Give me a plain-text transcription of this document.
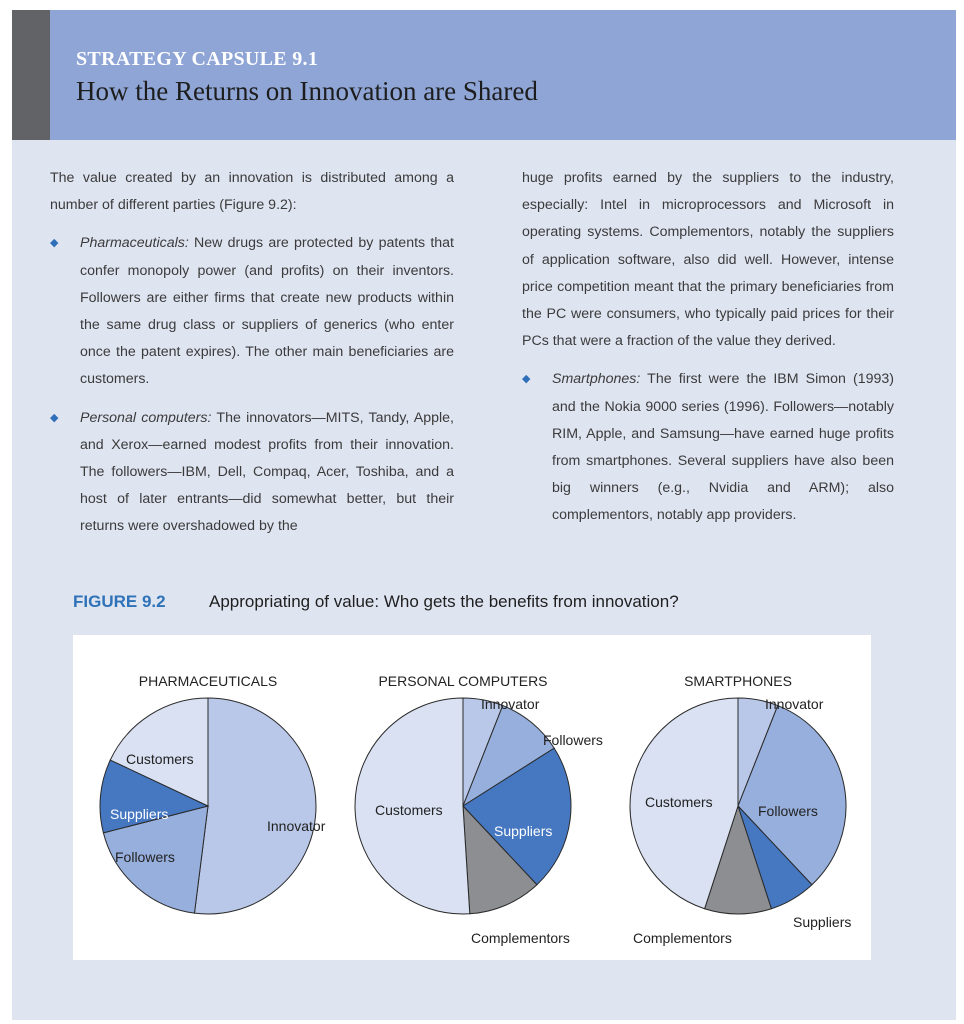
STRATEGY CAPSULE 9.1
How the Returns on Innovation are Shared

The value created by an innovation is distributed among a number of different parties (Figure 9.2):

◆ Pharmaceuticals: New drugs are protected by patents that confer monopoly power (and profits) on their inventors. Followers are either firms that create new products within the same drug class or suppliers of generics (who enter once the patent expires). The other main beneficiaries are customers.

◆ Personal computers: The innovators—MITS, Tandy, Apple, and Xerox—earned modest profits from their innovation. The followers—IBM, Dell, Compaq, Acer, Toshiba, and a host of later entrants—did somewhat better, but their returns were overshadowed by the

huge profits earned by the suppliers to the industry, especially: Intel in microprocessors and Microsoft in operating systems. Complementors, notably the suppliers of application software, also did well. However, intense price competition meant that the primary beneficiaries from the PC were consumers, who typically paid prices for their PCs that were a fraction of the value they derived.

◆ Smartphones: The first were the IBM Simon (1993) and the Nokia 9000 series (1996). Followers—notably RIM, Apple, and Samsung—have earned huge profits from smartphones. Several suppliers have also been big winners (e.g., Nvidia and ARM); also complementors, notably app providers.

FIGURE 9.2	Appropriating of value: Who gets the benefits from innovation?
PHARMACEUTICALS
Innovator
Followers
Suppliers
Customers
PERSONAL COMPUTERS
Innovator
Followers
Suppliers
Complementors
Customers
SMARTPHONES
Innovator
Followers
Suppliers
Complementors
Customers
